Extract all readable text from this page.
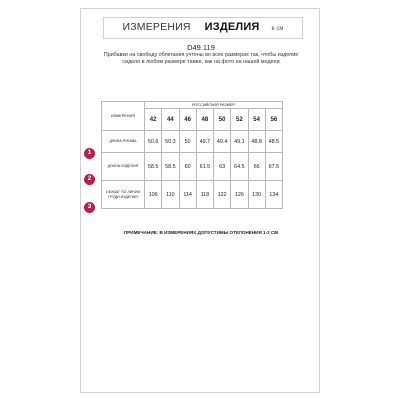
ИЗМЕРЕНИЯ ИЗДЕЛИЯ в см
D49.119
Прибавки на свободу облегания учтены во всех размерах так, чтобы изделие сидело в любом размере также, как на фото на нашей модели
1
2
3
ИЗМЕРЕНИЯ	РОССИЙСКИЙ РАЗМЕР							
	42	44	46	48	50	52	54	56
ДЛИНА РУКАВА	50.6	50.3	50	49.7	49.4	49.1	48.8	48.5
ДЛИНА ИЗДЕЛИЯ	58.5	58.5	60	61.5	63	64.5	66	67.5
ОБХВАТ ПО ЛИНИИ ГРУДИ ИЗДЕЛИЯ	106	110	114	118	122	126	130	134
ПРИМЕЧАНИЕ: В ИЗМЕРЕНИЯХ ДОПУСТИМЫ ОТКЛОНЕНИЯ 1-2 СМ
